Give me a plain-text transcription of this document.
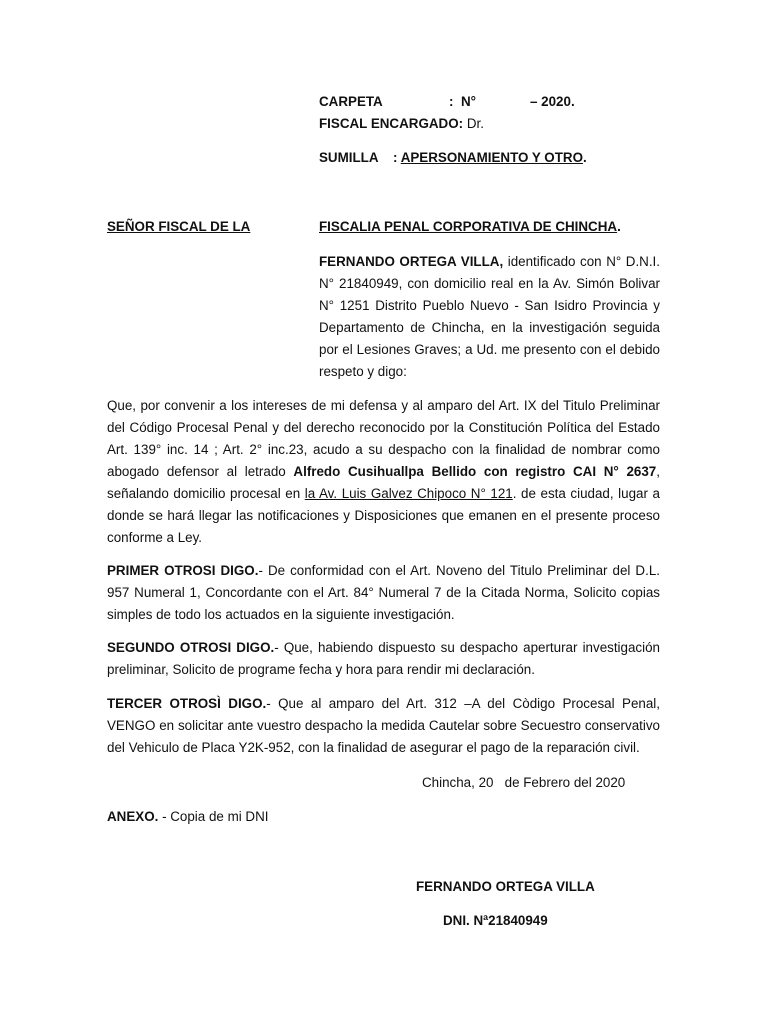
CARPETA	: N°	– 2020.
FISCAL ENCARGADO: Dr.
SUMILLA : APERSONAMIENTO Y OTRO.
SEÑOR FISCAL DE LA	FISCALIA PENAL CORPORATIVA DE CHINCHA.
FERNANDO ORTEGA VILLA, identificado con N° D.N.I. N° 21840949, con domicilio real en la Av. Simón Bolivar N° 1251 Distrito Pueblo Nuevo - San Isidro Provincia y Departamento de Chincha, en la investigación seguida por el Lesiones Graves; a Ud. me presento con el debido respeto y digo:
Que, por convenir a los intereses de mi defensa y al amparo del Art. IX del Titulo Preliminar del Código Procesal Penal y del derecho reconocido por la Constitución Política del Estado Art. 139° inc. 14 ; Art. 2° inc.23, acudo a su despacho con la finalidad de nombrar como abogado defensor al letrado Alfredo Cusihuallpa Bellido con registro CAI N° 2637, señalando domicilio procesal en la Av. Luis Galvez Chipoco N° 121. de esta ciudad, lugar a donde se hará llegar las notificaciones y Disposiciones que emanen en el presente proceso conforme a Ley.
PRIMER OTROSI DIGO.- De conformidad con el Art. Noveno del Titulo Preliminar del D.L. 957 Numeral 1, Concordante con el Art. 84° Numeral 7 de la Citada Norma, Solicito copias simples de todo los actuados en la siguiente investigación.
SEGUNDO OTROSI DIGO.- Que, habiendo dispuesto su despacho aperturar investigación preliminar, Solicito de programe fecha y hora para rendir mi declaración.
TERCER OTROSÌ DIGO.- Que al amparo del Art. 312 –A del Còdigo Procesal Penal, VENGO en solicitar ante vuestro despacho la medida Cautelar sobre Secuestro conservativo del Vehiculo de Placa Y2K-952, con la finalidad de asegurar el pago de la reparación civil.
Chincha, 20   de Febrero del 2020
ANEXO. - Copia de mi DNI
FERNANDO ORTEGA VILLA
DNI. Nª21840949
